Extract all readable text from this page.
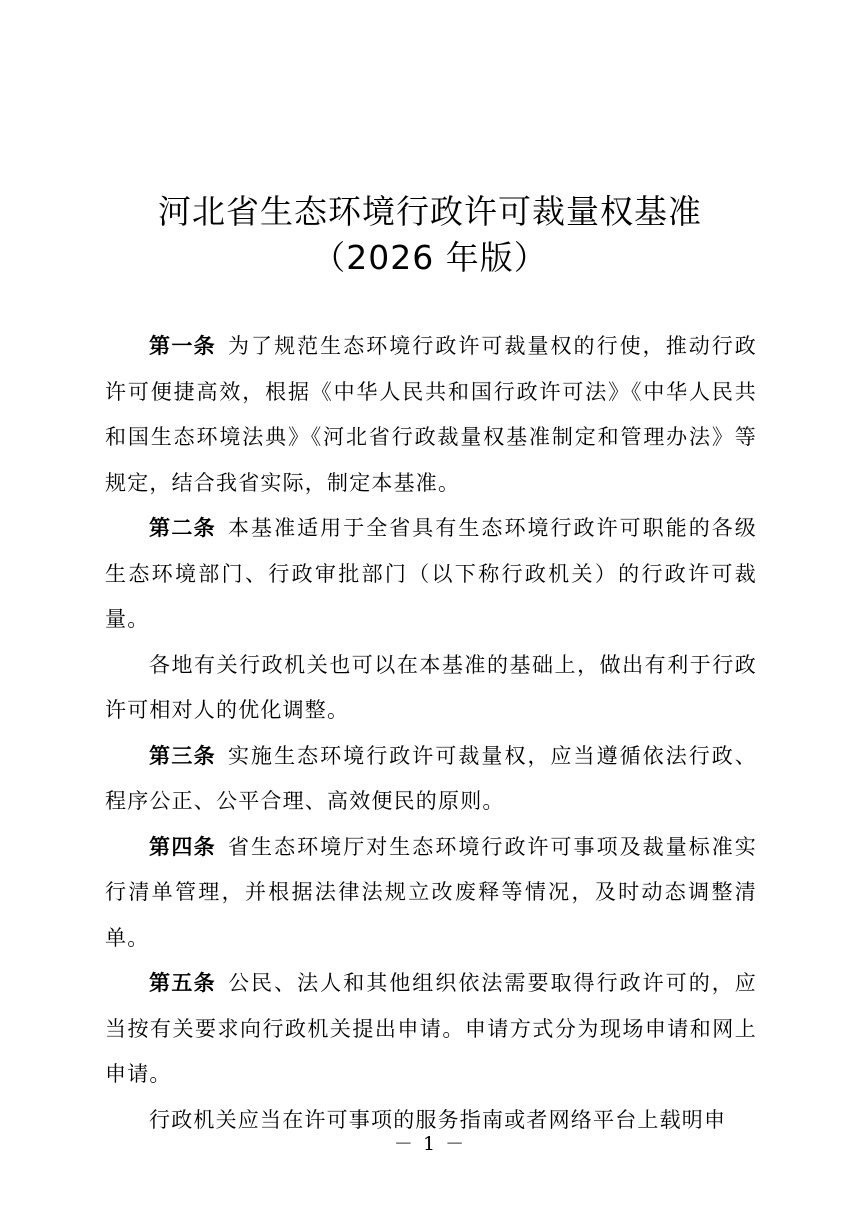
河北省生态环境行政许可裁量权基准
（2026 年版）

第一条 为了规范生态环境行政许可裁量权的行使，推动行政许可便捷高效，根据《中华人民共和国行政许可法》《中华人民共和国生态环境法典》《河北省行政裁量权基准制定和管理办法》等规定，结合我省实际，制定本基准。

第二条 本基准适用于全省具有生态环境行政许可职能的各级生态环境部门、行政审批部门（以下称行政机关）的行政许可裁量。

各地有关行政机关也可以在本基准的基础上，做出有利于行政许可相对人的优化调整。

第三条 实施生态环境行政许可裁量权，应当遵循依法行政、程序公正、公平合理、高效便民的原则。

第四条 省生态环境厅对生态环境行政许可事项及裁量标准实行清单管理，并根据法律法规立改废释等情况，及时动态调整清单。

第五条 公民、法人和其他组织依法需要取得行政许可的，应当按有关要求向行政机关提出申请。申请方式分为现场申请和网上申请。

行政机关应当在许可事项的服务指南或者网络平台上载明申

－ 1 －
